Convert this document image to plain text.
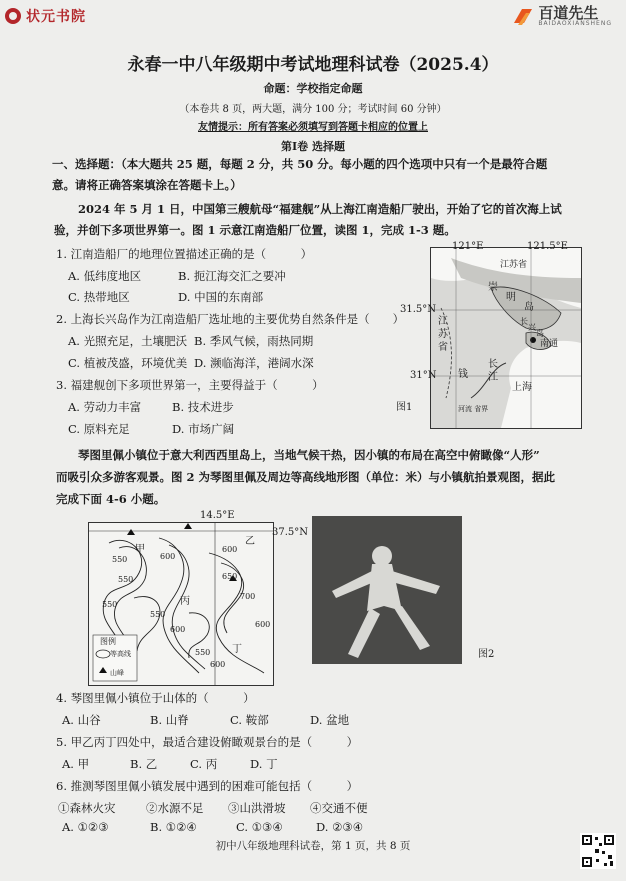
状元书院	百道先生
BAIDAOXIANSHENG
永春一中八年级期中考试地理科试卷（2025.4）
命题：学校指定命题
（本卷共 8 页，两大题，满分 100 分；考试时间 60 分钟）
友情提示：所有答案必须填写到答题卡相应的位置上
第Ⅰ卷 选择题
一、选择题：（本大题共 25 题，每题 2 分，共 50 分。每小题的四个选项中只有一个是最符合题
意。请将正确答案填涂在答题卡上。）
2024 年 5 月 1 日，中国第三艘航母“福建舰”从上海江南造船厂驶出，开始了它的首次海上试
验，并创下多项世界第一。图 1 示意江南造船厂位置，读图 1，完成 1-3 题。
1. 江南造船厂的地理位置描述正确的是（　　　）
A. 低纬度地区	B. 扼江海交汇之要冲
C. 热带地区	D. 中国的东南部
2. 上海长兴岛作为江南造船厂选址地的主要优势自然条件是（　　）
A. 光照充足，土壤肥沃 B. 季风气候，雨热同期
C. 植被茂盛，环境优美 D. 濒临海洋，港阔水深
3. 福建舰创下多项世界第一，主要得益于（　　　）
A. 劳动力丰富	B. 技术进步
C. 原料充足	D. 市场广阔
121°E	121.5°E
31.5°N
31°N
江苏省
崇
明
岛
江
苏
省
长
兴
岛
南通
上海
长
江
钱
河流 省界
图1
琴图里佩小镇位于意大利西西里岛上，当地气候干热，因小镇的布局在高空中俯瞰像“人形”
而吸引众多游客观景。图 2 为琴图里佩及周边等高线地形图（单位：米）与小镇航拍景观图，据此
完成下面 4-6 小题。
14.5°E
37.5°N
550	600
550
600
650
700
550
600
550
600
550
600
甲
乙
丙
丁
图例
等高线
山峰
图2
4. 琴图里佩小镇位于山体的（　　　）
A. 山谷	B. 山脊	C. 鞍部	D. 盆地
5. 甲乙丙丁四处中，最适合建设俯瞰观景台的是（　　　）
A. 甲	B. 乙	C. 丙	D. 丁
6. 推测琴图里佩小镇发展中遇到的困难可能包括（　　　）
①森林火灾	②水源不足 ③山洪滑坡 ④交通不便
A. ①②③	B. ①②④	C. ①③④	D. ②③④
初中八年级地理科试卷，第 1 页，共 8 页
